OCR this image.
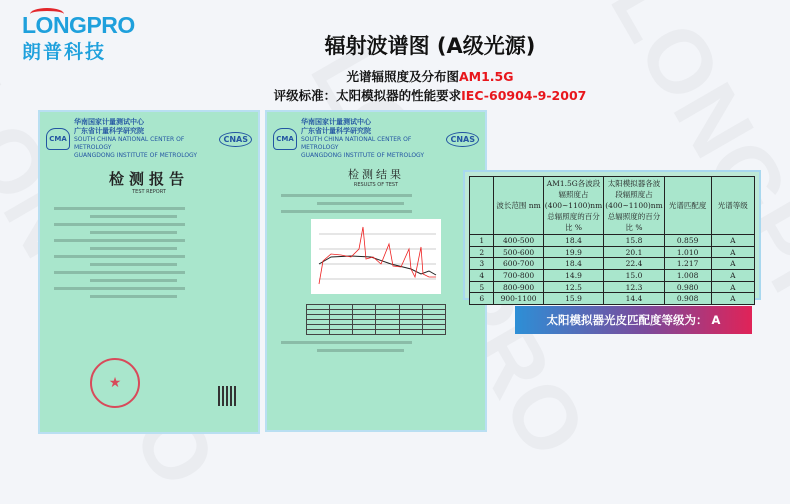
LONGPRO
朗普科技	辐射波谱图 (A级光源)
光谱辐照度及分布图AM1.5G
评级标准：太阳模拟器的性能要求IEC-60904-9-2007
CMA
华南国家计量测试中心
广东省计量科学研究院
SOUTH CHINA NATIONAL CENTER OF METROLOGY
GUANGDONG INSTITUTE OF METROLOGY
CNAS
检测报告
TEST REPORT
★
CMA
华南国家计量测试中心
广东省计量科学研究院
SOUTH CHINA NATIONAL CENTER OF METROLOGY
GUANGDONG INSTITUTE OF METROLOGY
CNAS
检测结果
RESULTS OF TEST

	波长范围 nm	AM1.5G各波段辐照度占(400~1100)nm总辐照度的百分比 %	太阳模拟器各波段辐照度占(400~1100)nm总辐照度的百分比 %	光谱匹配度	光谱等级
1	400-500	18.4	15.8	0.859	A
2	500-600	19.9	20.1	1.010	A
3	600-700	18.4	22.4	1.217	A
4	700-800	14.9	15.0	1.008	A
5	800-900	12.5	12.3	0.980	A
6	900-1100	15.9	14.4	0.908	A
太阳模拟器光皮匹配度等级为： A
